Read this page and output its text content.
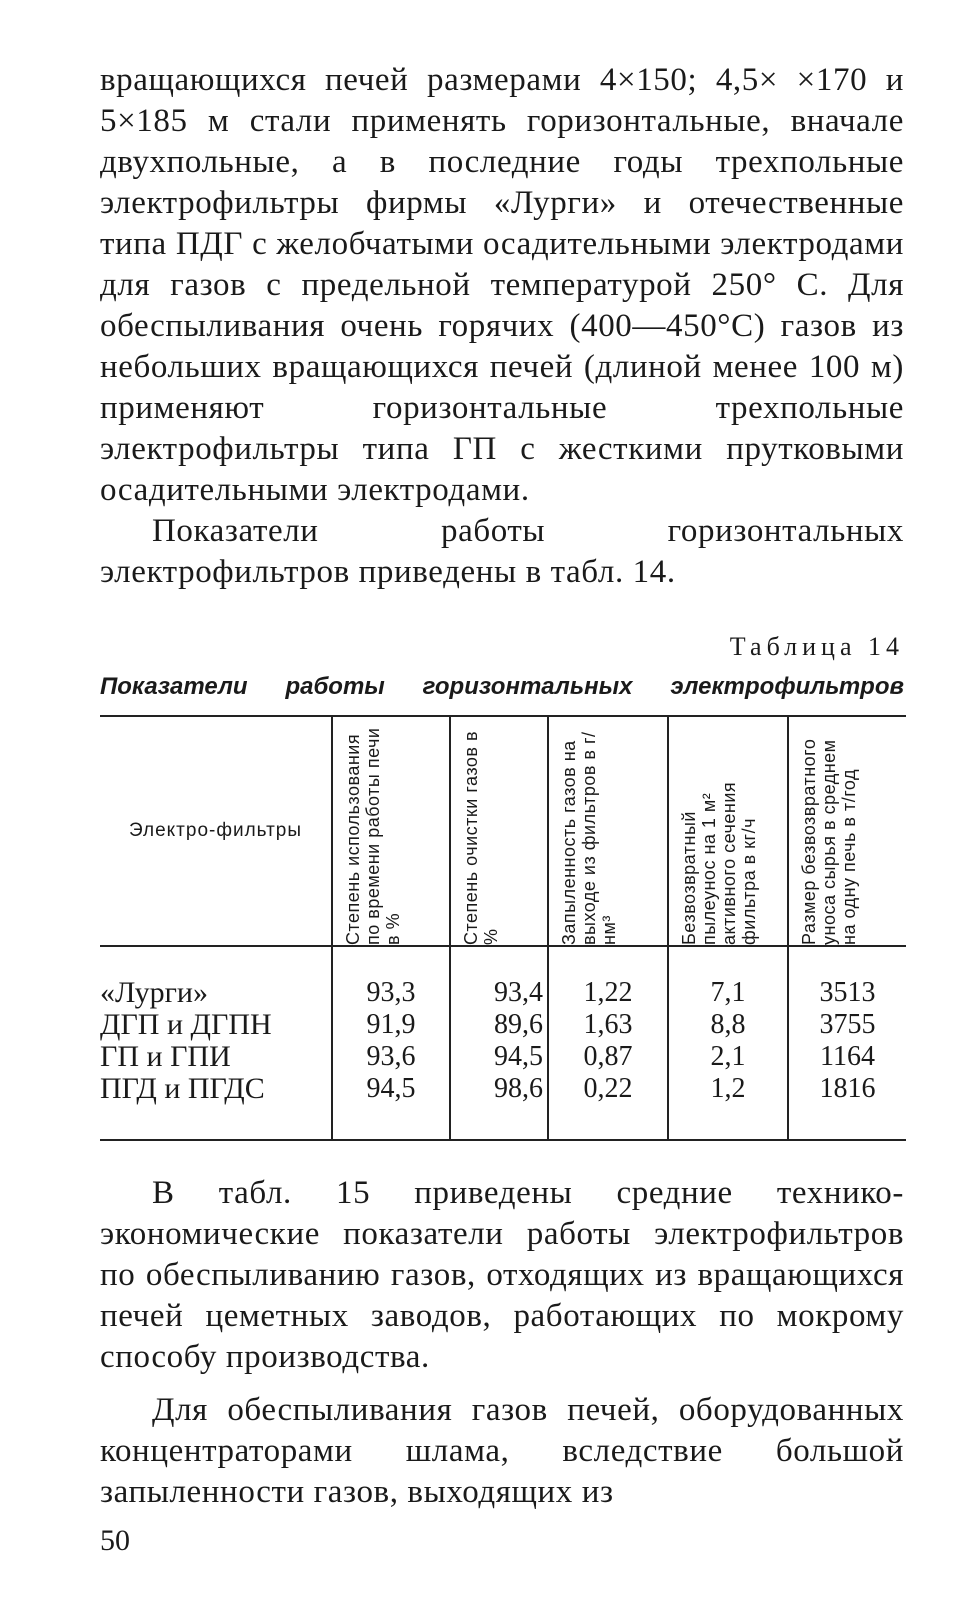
вращающихся печей размерами 4×150; 4,5× ×170 и 5×185 м стали применять горизонтальные, вначале двухпольные, а в последние годы трехпольные электрофильтры фирмы «Лурги» и отечественные типа ПДГ с желобчатыми осадительными электродами для газов с предельной температурой 250° С. Для обеспыливания очень горячих (400—450°С) газов из небольших вращающихся печей (длиной менее 100 м) применяют горизонтальные трехпольные электрофильтры типа ГП с жесткими прутковыми осадительными электродами.

Показатели работы горизонтальных электрофильтров приведены в табл. 14.

Таблица 14
Показатели работы горизонтальных электрофильтров
Электро-фильтры	Степень использования по времени работы печи в %	Степень очистки газов в %	Запыленность газов на выходе из фильтров в г/нм³	Безвозвратный пылеунос на 1 м² активного сечения фильтра в кг/ч	Размер безвозвратного уноса сырья в среднем на одну печь в т/год

«Лурги»	93,3	93,4	1,22	7,1	3513
ДГП и ДГПН	91,9	89,6	1,63	8,8	3755
ГП и ГПИ	93,6	94,5	0,87	2,1	1164
ПГД и ПГДС	94,5	98,6	0,22	1,2	1816

В табл. 15 приведены средние технико-экономические показатели работы электрофильтров по обеспыливанию газов, отходящих из вращающихся печей цеметных заводов, работающих по мокрому способу производства.

Для обеспыливания газов печей, оборудованных концентраторами шлама, вследствие большой запыленности газов, выходящих из

50
